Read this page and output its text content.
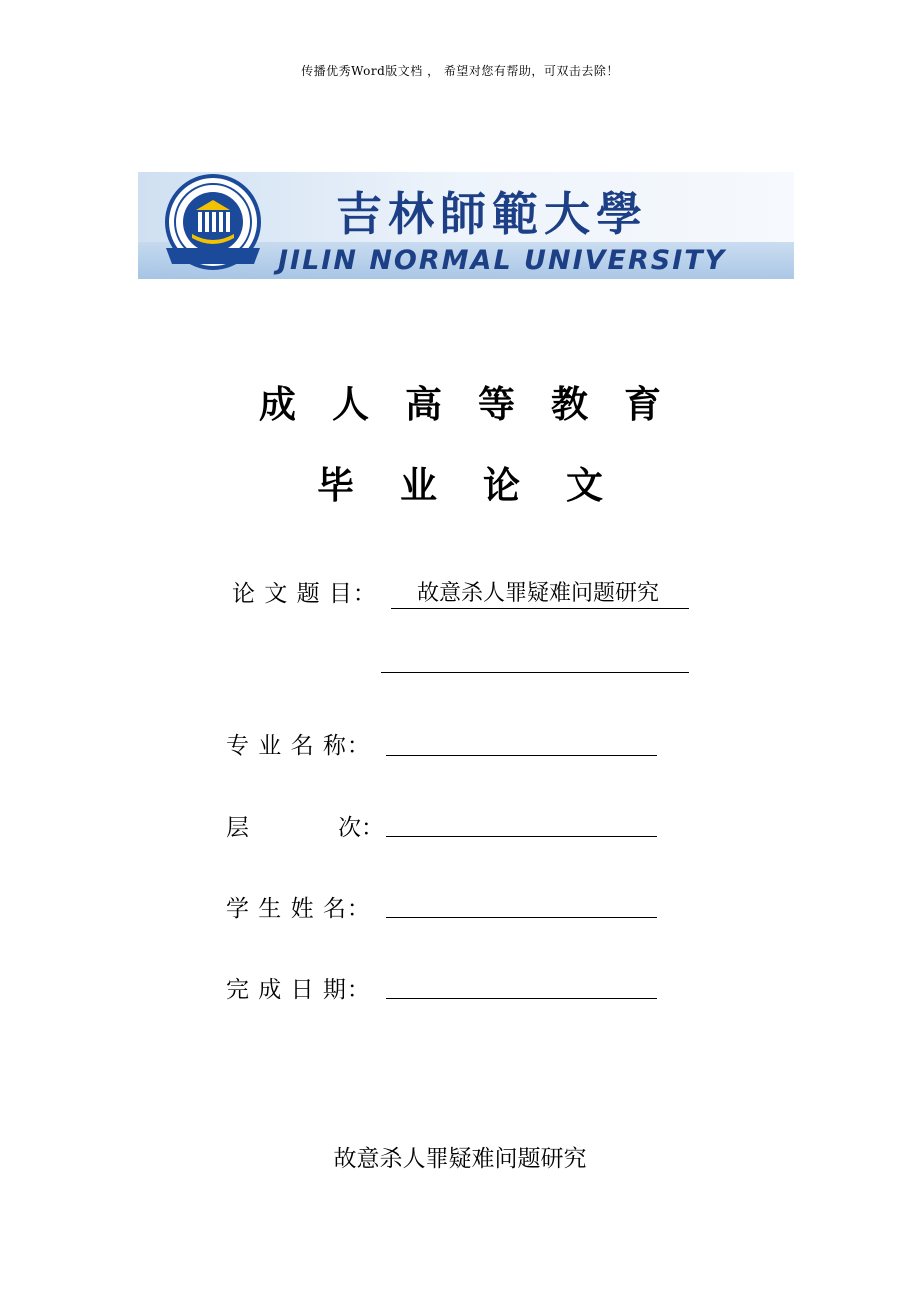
传播优秀Word版文档 ， 希望对您有帮助，可双击去除！
吉林師範大學
JILIN NORMAL UNIVERSITY
成人高等教育
毕业论文
论 文 题 目：	故意杀人罪疑难问题研究
专 业 名 称：
层	次：
学 生 姓 名：
完 成 日 期：
故意杀人罪疑难问题研究
